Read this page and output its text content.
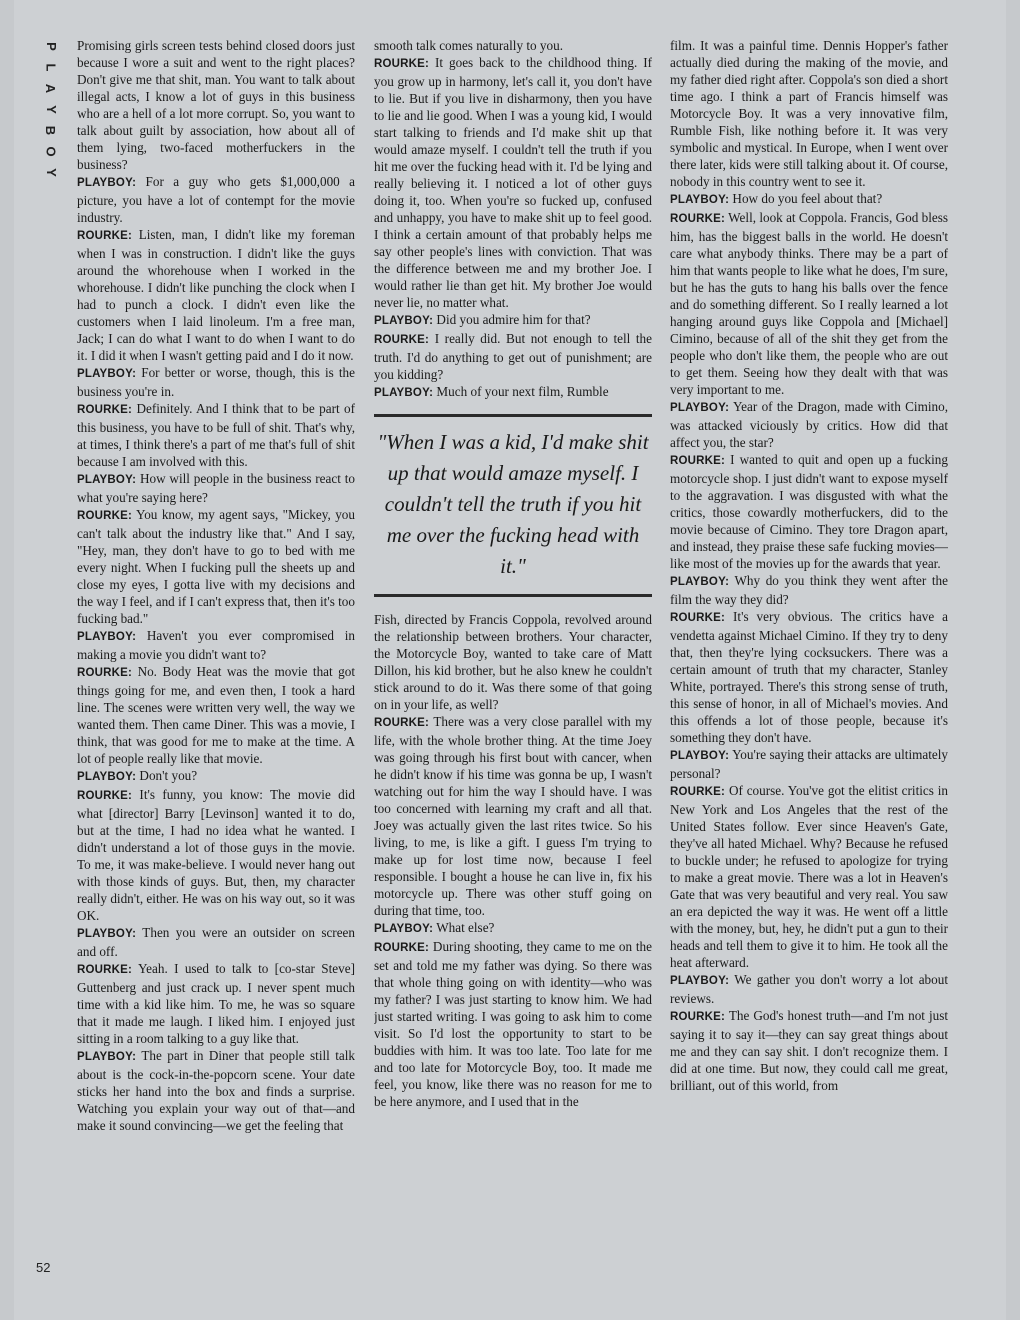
P
L
A
Y
B
O
Y

Promising girls screen tests behind closed doors just because I wore a suit and went to the right places? Don't give me that shit, man. You want to talk about illegal acts, I know a lot of guys in this business who are a hell of a lot more corrupt. So, you want to talk about guilt by association, how about all of them lying, two-faced motherfuckers in the business?

PLAYBOY: For a guy who gets $1,000,000 a picture, you have a lot of contempt for the movie industry.

ROURKE: Listen, man, I didn't like my foreman when I was in construction. I didn't like the guys around the whorehouse when I worked in the whorehouse. I didn't like punching the clock when I had to punch a clock. I didn't even like the customers when I laid linoleum. I'm a free man, Jack; I can do what I want to do when I want to do it. I did it when I wasn't getting paid and I do it now.

PLAYBOY: For better or worse, though, this is the business you're in.

ROURKE: Definitely. And I think that to be part of this business, you have to be full of shit. That's why, at times, I think there's a part of me that's full of shit because I am involved with this.

PLAYBOY: How will people in the business react to what you're saying here?

ROURKE: You know, my agent says, "Mickey, you can't talk about the industry like that." And I say, "Hey, man, they don't have to go to bed with me every night. When I fucking pull the sheets up and close my eyes, I gotta live with my decisions and the way I feel, and if I can't express that, then it's too fucking bad."

PLAYBOY: Haven't you ever compromised in making a movie you didn't want to?

ROURKE: No. Body Heat was the movie that got things going for me, and even then, I took a hard line. The scenes were written very well, the way we wanted them. Then came Diner. This was a movie, I think, that was good for me to make at the time. A lot of people really like that movie.

PLAYBOY: Don't you?

ROURKE: It's funny, you know: The movie did what [director] Barry [Levinson] wanted it to do, but at the time, I had no idea what he wanted. I didn't understand a lot of those guys in the movie. To me, it was make-believe. I would never hang out with those kinds of guys. But, then, my character really didn't, either. He was on his way out, so it was OK.

PLAYBOY: Then you were an outsider on screen and off.

ROURKE: Yeah. I used to talk to [co-star Steve] Guttenberg and just crack up. I never spent much time with a kid like him. To me, he was so square that it made me laugh. I liked him. I enjoyed just sitting in a room talking to a guy like that.

PLAYBOY: The part in Diner that people still talk about is the cock-in-the-popcorn scene. Your date sticks her hand into the box and finds a surprise. Watching you explain your way out of that—and make it sound convincing—we get the feeling that

smooth talk comes naturally to you.

ROURKE: It goes back to the childhood thing. If you grow up in harmony, let's call it, you don't have to lie. But if you live in disharmony, then you have to lie and lie good. When I was a young kid, I would start talking to friends and I'd make shit up that would amaze myself. I couldn't tell the truth if you hit me over the fucking head with it. I'd be lying and really believing it. I noticed a lot of other guys doing it, too. When you're so fucked up, confused and unhappy, you have to make shit up to feel good. I think a certain amount of that probably helps me say other people's lines with conviction. That was the difference between me and my brother Joe. I would rather lie than get hit. My brother Joe would never lie, no matter what.

PLAYBOY: Did you admire him for that?

ROURKE: I really did. But not enough to tell the truth. I'd do anything to get out of punishment; are you kidding?

PLAYBOY: Much of your next film, Rumble

"When I was a kid, I'd make shit up that would amaze myself. I couldn't tell the truth if you hit me over the fucking head with it."

Fish, directed by Francis Coppola, revolved around the relationship between brothers. Your character, the Motorcycle Boy, wanted to take care of Matt Dillon, his kid brother, but he also knew he couldn't stick around to do it. Was there some of that going on in your life, as well?

ROURKE: There was a very close parallel with my life, with the whole brother thing. At the time Joey was going through his first bout with cancer, when he didn't know if his time was gonna be up, I wasn't watching out for him the way I should have. I was too concerned with learning my craft and all that. Joey was actually given the last rites twice. So his living, to me, is like a gift. I guess I'm trying to make up for lost time now, because I feel responsible. I bought a house he can live in, fix his motorcycle up. There was other stuff going on during that time, too.

PLAYBOY: What else?

ROURKE: During shooting, they came to me on the set and told me my father was dying. So there was that whole thing going on with identity—who was my father? I was just starting to know him. We had just started writing. I was going to ask him to come visit. So I'd lost the opportunity to start to be buddies with him. It was too late. Too late for me and too late for Motorcycle Boy, too. It made me feel, you know, like there was no reason for me to be here anymore, and I used that in the

film. It was a painful time. Dennis Hopper's father actually died during the making of the movie, and my father died right after. Coppola's son died a short time ago. I think a part of Francis himself was Motorcycle Boy. It was a very innovative film, Rumble Fish, like nothing before it. It was very symbolic and mystical. In Europe, when I went over there later, kids were still talking about it. Of course, nobody in this country went to see it.

PLAYBOY: How do you feel about that?

ROURKE: Well, look at Coppola. Francis, God bless him, has the biggest balls in the world. He doesn't care what anybody thinks. There may be a part of him that wants people to like what he does, I'm sure, but he has the guts to hang his balls over the fence and do something different. So I really learned a lot hanging around guys like Coppola and [Michael] Cimino, because of all of the shit they get from the people who don't like them, the people who are out to get them. Seeing how they dealt with that was very important to me.

PLAYBOY: Year of the Dragon, made with Cimino, was attacked viciously by critics. How did that affect you, the star?

ROURKE: I wanted to quit and open up a fucking motorcycle shop. I just didn't want to expose myself to the aggravation. I was disgusted with what the critics, those cowardly motherfuckers, did to the movie because of Cimino. They tore Dragon apart, and instead, they praise these safe fucking movies—like most of the movies up for the awards that year.

PLAYBOY: Why do you think they went after the film the way they did?

ROURKE: It's very obvious. The critics have a vendetta against Michael Cimino. If they try to deny that, then they're lying cocksuckers. There was a certain amount of truth that my character, Stanley White, portrayed. There's this strong sense of truth, this sense of honor, in all of Michael's movies. And this offends a lot of those people, because it's something they don't have.

PLAYBOY: You're saying their attacks are ultimately personal?

ROURKE: Of course. You've got the elitist critics in New York and Los Angeles that the rest of the United States follow. Ever since Heaven's Gate, they've all hated Michael. Why? Because he refused to buckle under; he refused to apologize for trying to make a great movie. There was a lot in Heaven's Gate that was very beautiful and very real. You saw an era depicted the way it was. He went off a little with the money, but, hey, he didn't put a gun to their heads and tell them to give it to him. He took all the heat afterward.

PLAYBOY: We gather you don't worry a lot about reviews.

ROURKE: The God's honest truth—and I'm not just saying it to say it—they can say great things about me and they can say shit. I don't recognize them. I did at one time. But now, they could call me great, brilliant, out of this world, from

52
